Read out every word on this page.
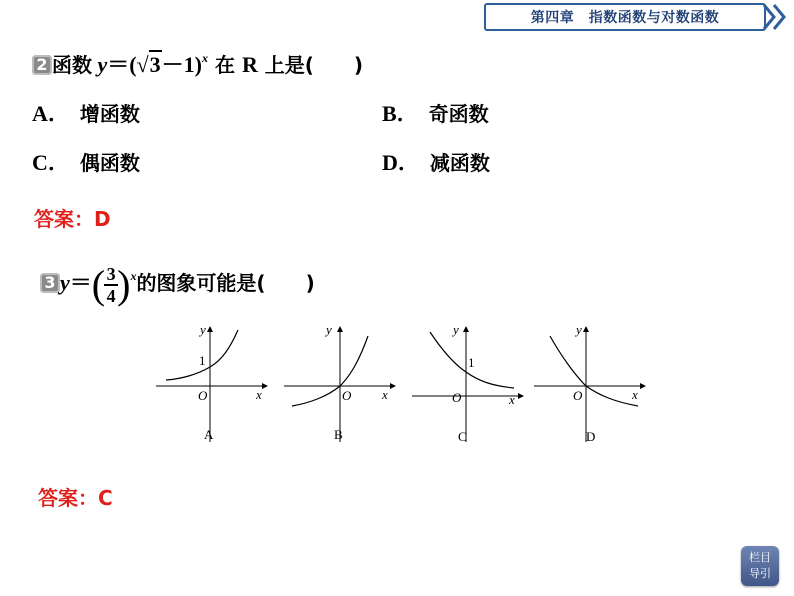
第四章　指数函数与对数函数
2 函数 $y=(√3-1)^x$ 在 R 上是(　　)
A． 增函数	B． 奇函数
C． 偶函数	D． 减函数
答案：D
3 $y=( \frac{3}{4} )^x$的图象可能是(　　)
y
x
O
1
A
y
x
O
B
y
x
O
1
C
y
x
O
D
答案：C
栏目
导引
